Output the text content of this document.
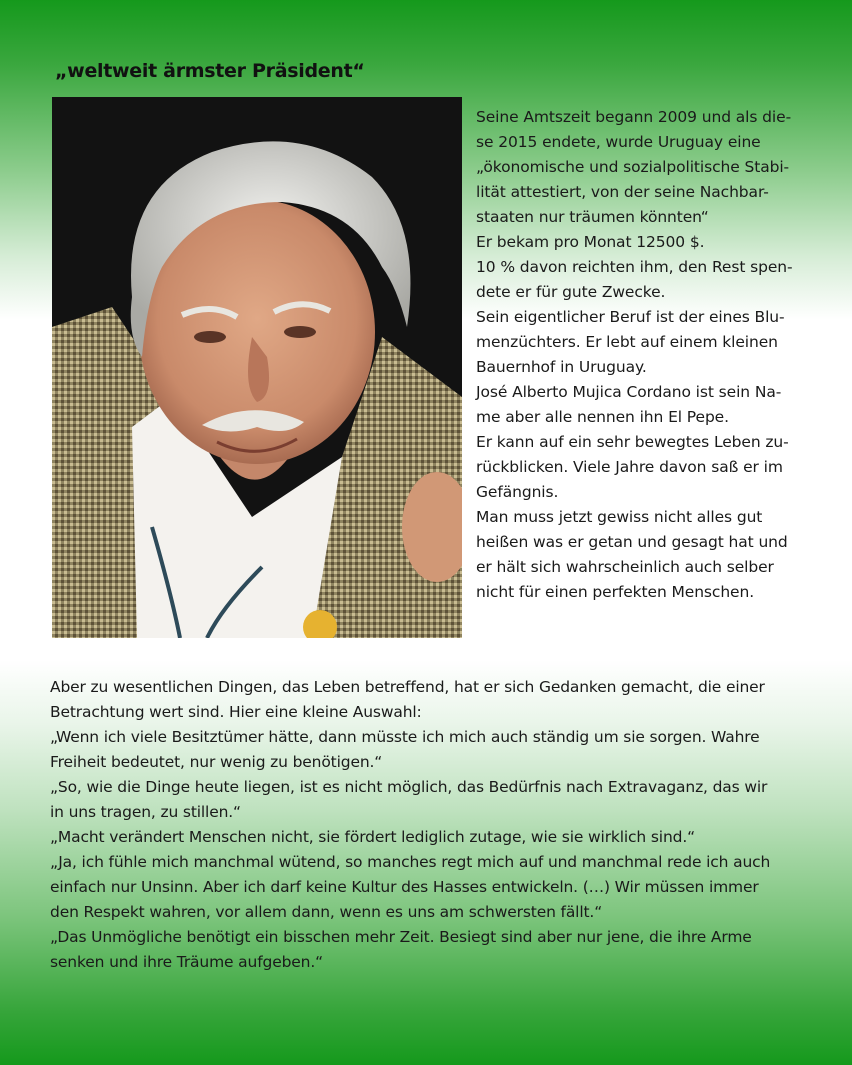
„weltweit ärmster Präsident“

Seine Amtszeit begann 2009 und als die-

se 2015 endete, wurde Uruguay eine

„ökonomische und sozialpolitische Stabi-

lität attestiert, von der seine Nachbar-

staaten nur träumen könnten“

Er bekam pro Monat 12500 $.

10 % davon reichten ihm, den Rest spen-

dete er für gute Zwecke.

Sein eigentlicher Beruf ist der eines Blu-

menzüchters. Er lebt auf einem kleinen

Bauernhof in Uruguay.

José Alberto Mujica Cordano ist sein Na-

me aber alle nennen ihn El Pepe.

Er kann auf ein sehr bewegtes Leben zu-

rückblicken. Viele Jahre davon saß er im

Gefängnis.

Man muss jetzt gewiss nicht alles gut

heißen was er getan und gesagt hat und

er hält sich wahrscheinlich auch selber

nicht für einen perfekten Menschen.

Aber zu wesentlichen Dingen, das Leben betreffend, hat er sich Gedanken gemacht, die einer

Betrachtung wert sind. Hier eine kleine Auswahl:

„Wenn ich viele Besitztümer hätte, dann müsste ich mich auch ständig um sie sorgen. Wahre

Freiheit bedeutet, nur wenig zu benötigen.“

„So, wie die Dinge heute liegen, ist es nicht möglich, das Bedürfnis nach Extravaganz, das wir

in uns tragen, zu stillen.“

„Macht verändert Menschen nicht, sie fördert lediglich zutage, wie sie wirklich sind.“

„Ja, ich fühle mich manchmal wütend, so manches regt mich auf und manchmal rede ich auch

einfach nur Unsinn. Aber ich darf keine Kultur des Hasses entwickeln. (…) Wir müssen immer

den Respekt wahren, vor allem dann, wenn es uns am schwersten fällt.“

„Das Unmögliche benötigt ein bisschen mehr Zeit. Besiegt sind aber nur jene, die ihre Arme

senken und ihre Träume aufgeben.“
